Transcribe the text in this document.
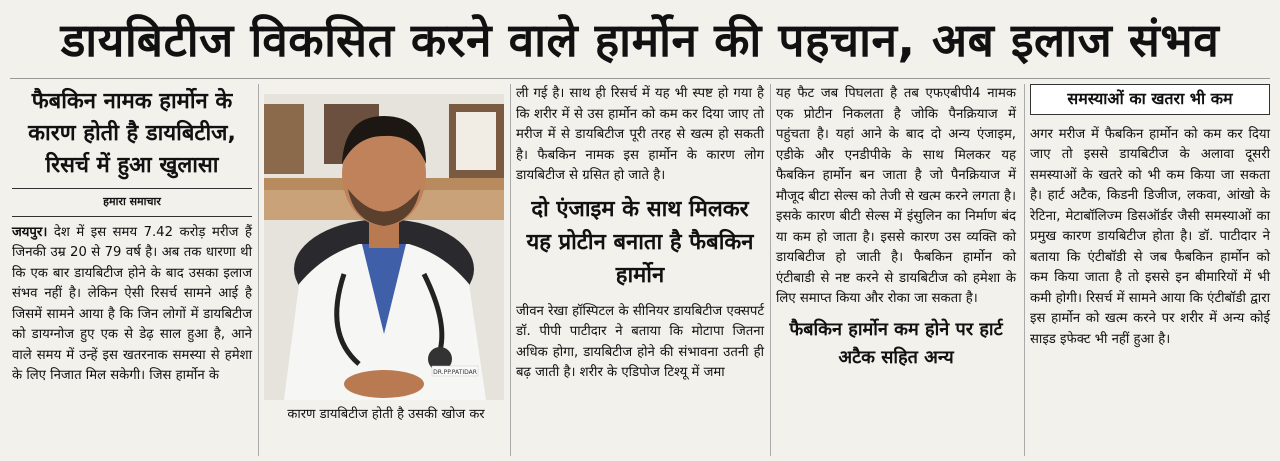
डायबिटीज विकसित करने वाले हार्मोन की पहचान, अब इलाज संभव
फैबकिन नामक हार्मोन के कारण होती है डायबिटीज, रिसर्च में हुआ खुलासा
हमारा समाचार

जयपुर। देश में इस समय 7.42 करोड़ मरीज हैं जिनकी उम्र 20 से 79 वर्ष है। अब तक धारणा थी कि एक बार डायबिटीज होने के बाद उसका इलाज संभव नहीं है। लेकिन ऐसी रिसर्च सामने आई है जिसमें सामने आया है कि जिन लोगों में डायबिटीज को डायग्नोज हुए एक से डेढ़ साल हुआ है, आने वाले समय में उन्हें इस खतरनाक समस्या से हमेशा के लिए निजात मिल सकेगी। जिस हार्मोन के	DR.PP.PATIDAR
कारण डायबिटीज होती है उसकी खोज कर

ली गई है। साथ ही रिसर्च में यह भी स्पष्ट हो गया है कि शरीर में से उस हार्मोन को कम कर दिया जाए तो मरीज में से डायबिटीज पूरी तरह से खत्म हो सकती है। फैबकिन नामक इस हार्मोन के कारण लोग डायबिटीज से ग्रसित हो जाते है।

दो एंजाइम के साथ मिलकर यह प्रोटीन बनाता है फैबकिन हार्मोन

जीवन रेखा हॉस्पिटल के सीनियर डायबिटीज एक्सपर्ट डॉ. पीपी पाटीदार ने बताया कि मोटापा जितना अधिक होगा, डायबिटीज होने की संभावना उतनी ही बढ़ जाती है। शरीर के एडिपोज टिश्यू में जमा

यह फैट जब पिघलता है तब एफएबीपी4 नामक एक प्रोटीन निकलता है जोकि पैनक्रियाज में पहुंचता है। यहां आने के बाद दो अन्य एंजाइम, एडीके और एनडीपीके के साथ मिलकर यह फैबकिन हार्मोन बन जाता है जो पैनक्रियाज में मौजूद बीटा सेल्स को तेजी से खत्म करने लगता है। इसके कारण बीटी सेल्स में इंसुलिन का निर्माण बंद या कम हो जाता है। इससे कारण उस व्यक्ति को डायबिटीज हो जाती है। फैबकिन हार्मोन को एंटीबाडी से नष्ट करने से डायबिटीज को हमेशा के लिए समाप्त किया और रोका जा सकता है।

फैबकिन हार्मोन कम होने पर हार्ट अटैक सहित अन्य
समस्याओं का खतरा भी कम

अगर मरीज में फैबकिन हार्मोन को कम कर दिया जाए तो इससे डायबिटीज के अलावा दूसरी समस्याओं के खतरे को भी कम किया जा सकता है। हार्ट अटैक, किडनी डिजीज, लकवा, आंखो के रेटिना, मेटाबॉलिज्म डिसऑर्डर जैसी समस्याओं का प्रमुख कारण डायबिटीज होता है। डॉ. पाटीदार ने बताया कि एंटीबॉडी से जब फैबकिन हार्मोन को कम किया जाता है तो इससे इन बीमारियों में भी कमी होगी। रिसर्च में सामने आया कि एंटीबॉडी द्वारा इस हार्मोन को खत्म करने पर शरीर में अन्य कोई साइड इफेक्ट भी नहीं हुआ है।
